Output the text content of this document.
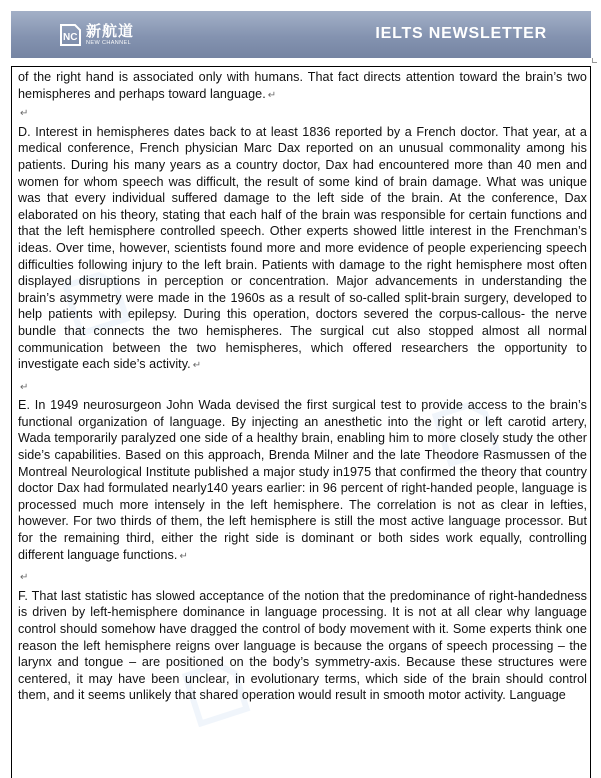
NC 新航道
NEW CHANNEL
IELTS NEWSLETTER

of the right hand is associated only with humans. That fact directs attention toward the brain’s two hemispheres and perhaps toward language. ↵

↵

D. Interest in hemispheres dates back to at least 1836 reported by a French doctor. That year, at a medical conference, French physician Marc Dax reported on an unusual commonality among his patients. During his many years as a country doctor, Dax had encountered more than 40 men and women for whom speech was difficult, the result of some kind of brain damage. What was unique was that every individual suffered damage to the left side of the brain. At the conference, Dax elaborated on his theory, stating that each half of the brain was responsible for certain functions and that the left hemisphere controlled speech. Other experts showed little interest in the Frenchman’s ideas. Over time, however, scientists found more and more evidence of people experiencing speech difficulties following injury to the left brain. Patients with damage to the right hemisphere most often displayed disruptions in perception or concentration. Major advancements in understanding the brain’s asymmetry were made in the 1960s as a result of so-called split-brain surgery, developed to help patients with epilepsy. During this operation, doctors severed the corpus-callous- the nerve bundle that connects the two hemispheres. The surgical cut also stopped almost all normal communication between the two hemispheres, which offered researchers the opportunity to investigate each side’s activity. ↵

↵

E. In 1949 neurosurgeon John Wada devised the first surgical test to provide access to the brain’s functional organization of language. By injecting an anesthetic into the right or left carotid artery, Wada temporarily paralyzed one side of a healthy brain, enabling him to more closely study the other side’s capabilities. Based on this approach, Brenda Milner and the late Theodore Rasmussen of the Montreal Neurological Institute published a major study in1975 that confirmed the theory that country doctor Dax had formulated nearly140 years earlier: in 96 percent of right-handed people, language is processed much more intensely in the left hemisphere. The correlation is not as clear in lefties, however. For two thirds of them, the left hemisphere is still the most active language processor. But for the remaining third, either the right side is dominant or both sides work equally, controlling different language functions. ↵

↵

F. That last statistic has slowed acceptance of the notion that the predominance of right-handedness is driven by left-hemisphere dominance in language processing. It is not at all clear why language control should somehow have dragged the control of body movement with it. Some experts think one reason the left hemisphere reigns over language is because the organs of speech processing – the larynx and tongue – are positioned on the body’s symmetry-axis. Because these structures were centered, it may have been unclear, in evolutionary terms, which side of the brain should control them, and it seems unlikely that shared operation would result in smooth motor activity. Language
